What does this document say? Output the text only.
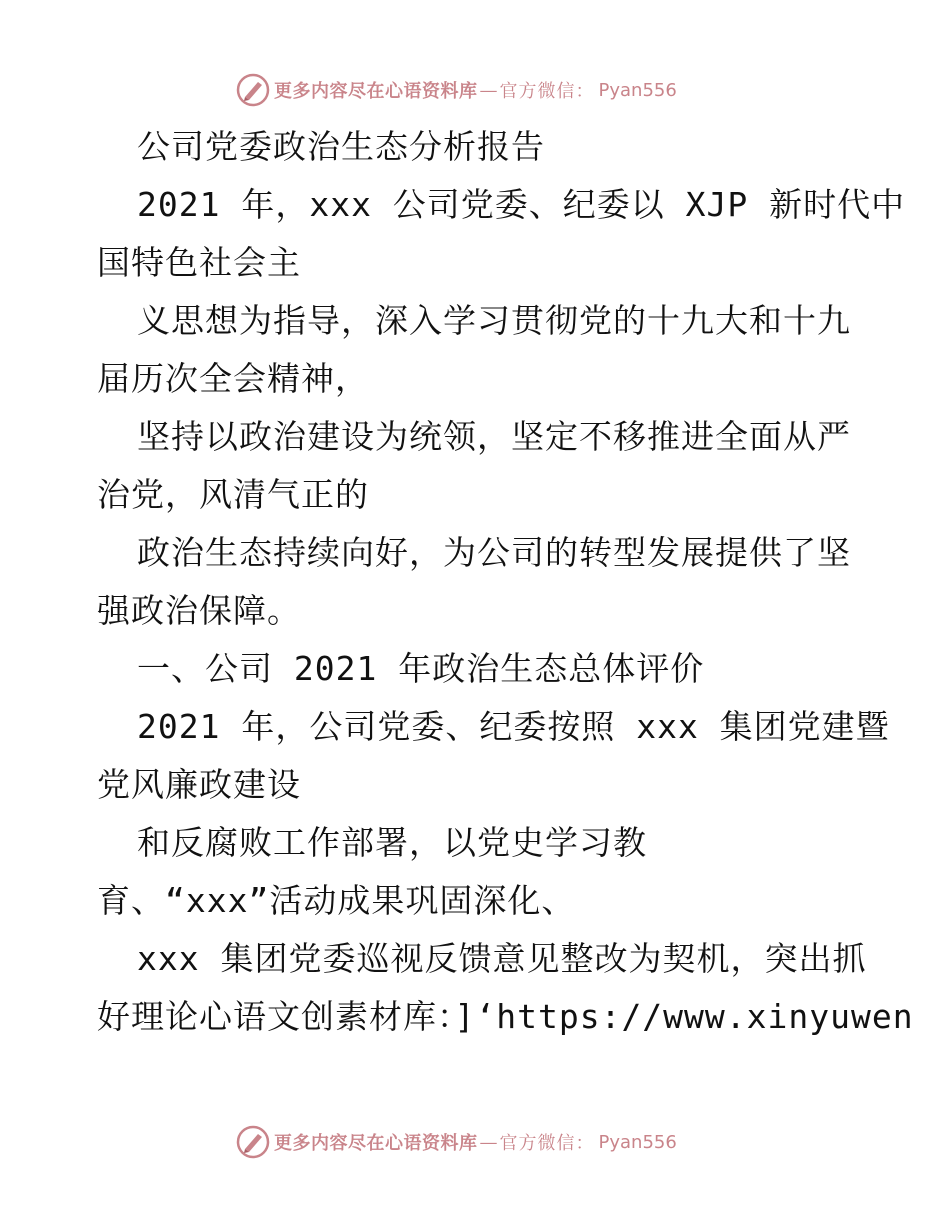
更多内容尽在心语资料库 — 官方微信： Pyan556
公司党委政治生态分析报告
2021 年，xxx 公司党委、纪委以 XJP 新时代中
国特色社会主
义思想为指导，深入学习贯彻党的十九大和十九
届历次全会精神，
坚持以政治建设为统领，坚定不移推进全面从严
治党，风清气正的
政治生态持续向好，为公司的转型发展提供了坚
强政治保障。
一、公司 2021 年政治生态总体评价
2021 年，公司党委、纪委按照 xxx 集团党建暨
党风廉政建设
和反腐败工作部署，以党史学习教
育、“xxx”活动成果巩固深化、
xxx 集团党委巡视反馈意见整改为契机，突出抓
好理论心语文创素材库：]‘https://www.xinyuwen
更多内容尽在心语资料库 — 官方微信： Pyan556
